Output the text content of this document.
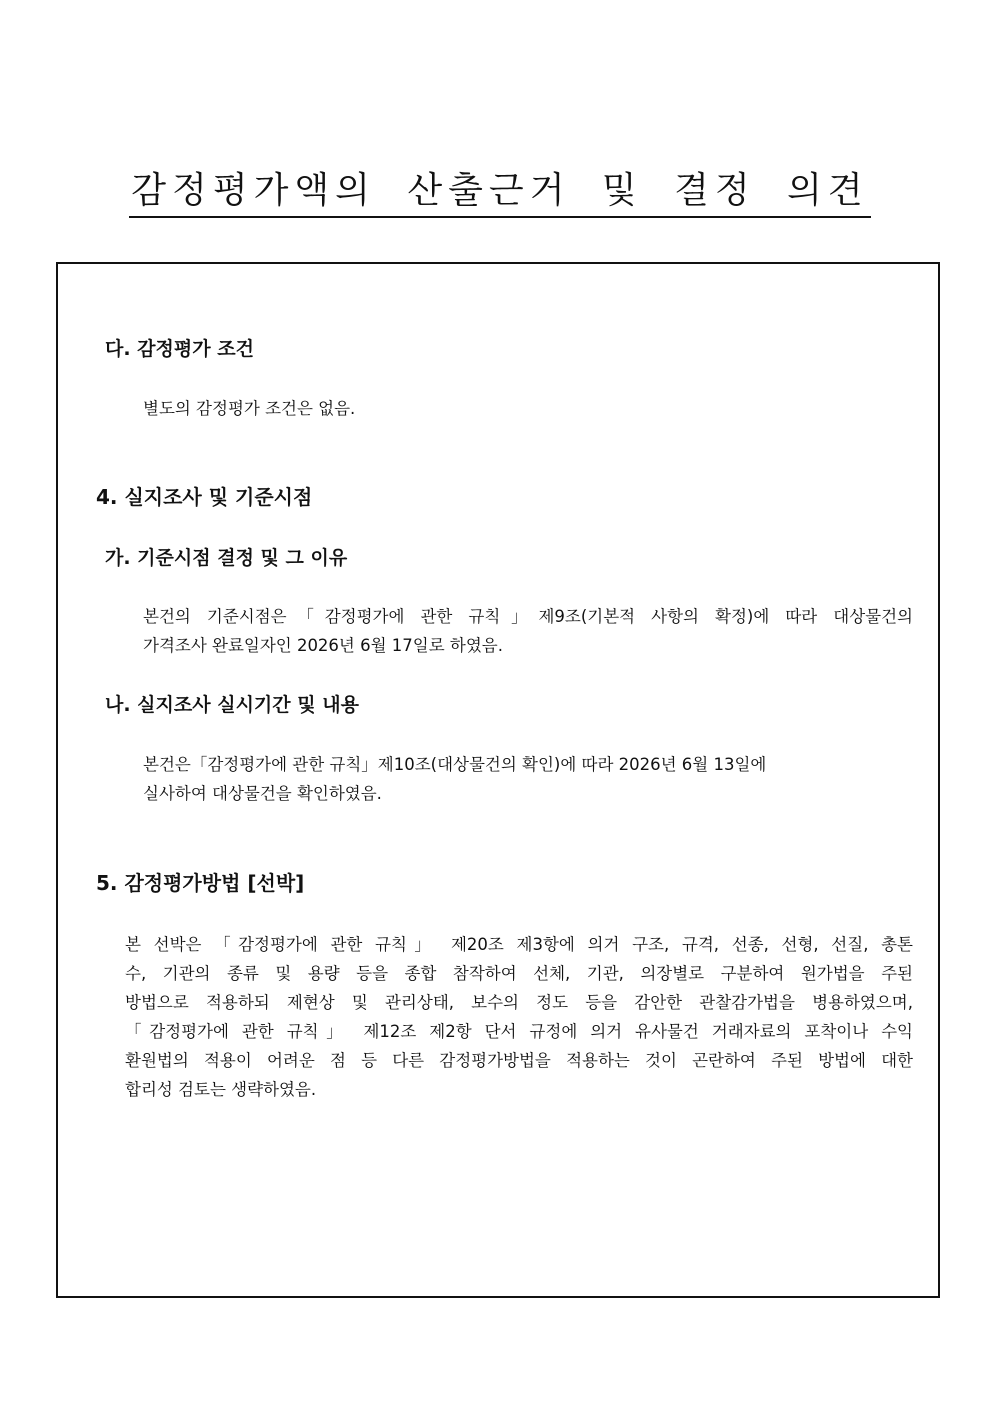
감정평가액의 산출근거 및 결정 의견
다. 감정평가 조건
별도의 감정평가 조건은 없음.
4. 실지조사 및 기준시점
가. 기준시점 결정 및 그 이유
본건의 기준시점은「감정평가에 관한 규칙」제9조(기본적 사항의 확정)에 따라 대상물건의
가격조사 완료일자인 2026년 6월 17일로 하였음.
나. 실지조사 실시기간 및 내용
본건은「감정평가에 관한 규칙」제10조(대상물건의 확인)에 따라 2026년 6월 13일에
실사하여 대상물건을 확인하였음.
5. 감정평가방법 [선박]
본 선박은 「감정평가에 관한 규칙」 제20조 제3항에 의거 구조, 규격, 선종, 선형, 선질, 총톤
수, 기관의 종류 및 용량 등을 종합 참작하여 선체, 기관, 의장별로 구분하여 원가법을 주된
방법으로 적용하되 제현상 및 관리상태, 보수의 정도 등을 감안한 관찰감가법을 병용하였으며,
「감정평가에 관한 규칙」 제12조 제2항 단서 규정에 의거 유사물건 거래자료의 포착이나 수익
환원법의 적용이 어려운 점 등 다른 감정평가방법을 적용하는 것이 곤란하여 주된 방법에 대한
합리성 검토는 생략하였음.
